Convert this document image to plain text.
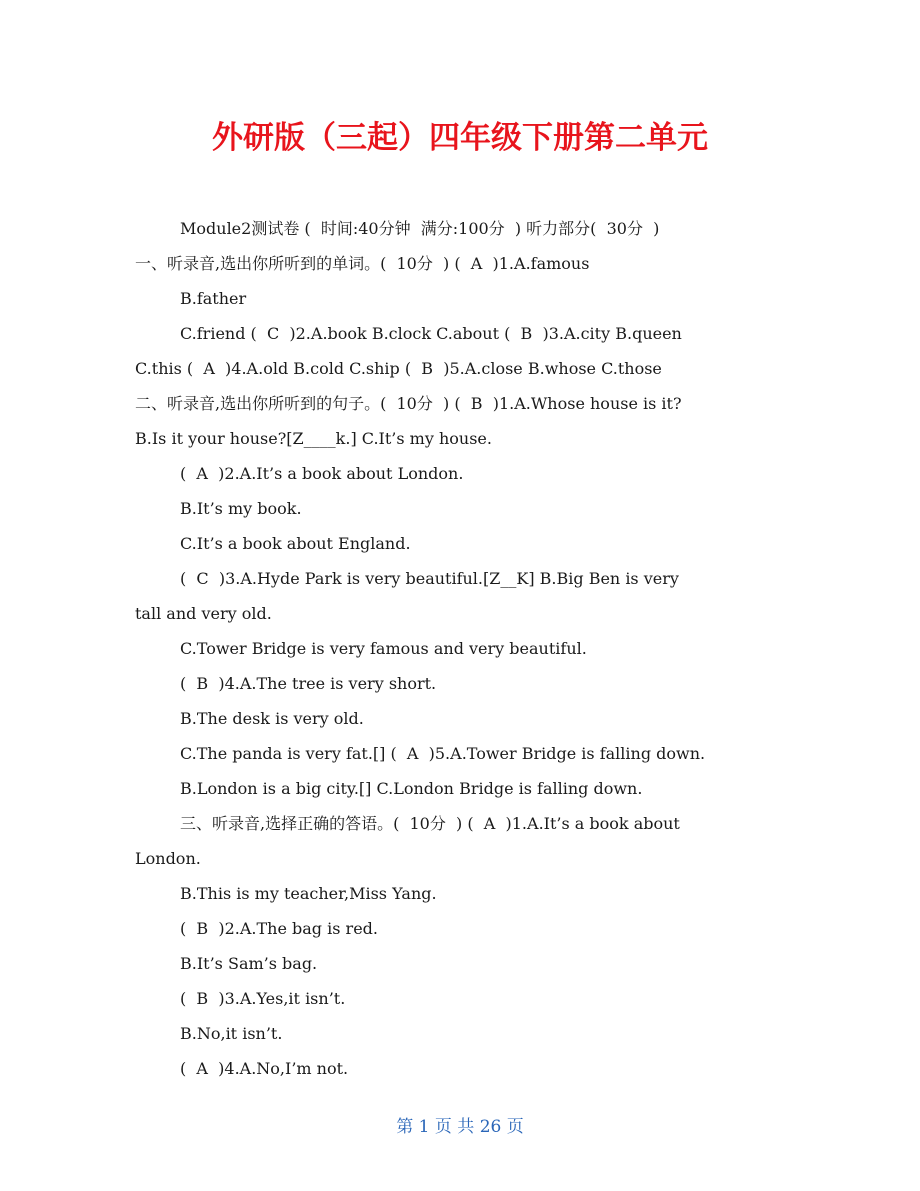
外研版（三起）四年级下册第二单元
Module2测试卷 (  时间:40分钟  满分:100分  ) 听力部分(  30分  )
一、听录音,选出你所听到的单词。(  10分  ) (  A  )1.A.famous
B.father
C.friend (  C  )2.A.book B.clock C.about (  B  )3.A.city B.queen
C.this (  A  )4.A.old B.cold C.ship (  B  )5.A.close B.whose C.those
二、听录音,选出你所听到的句子。(  10分  ) (  B  )1.A.Whose house is it?
B.Is it your house?[Z____k.] C.It’s my house.
(  A  )2.A.It’s a book about London.
B.It’s my book.
C.It’s a book about England.
(  C  )3.A.Hyde Park is very beautiful.[Z__K] B.Big Ben is very
tall and very old.
C.Tower Bridge is very famous and very beautiful.
(  B  )4.A.The tree is very short.
B.The desk is very old.
C.The panda is very fat.[] (  A  )5.A.Tower Bridge is falling down.
B.London is a big city.[] C.London Bridge is falling down.
三、听录音,选择正确的答语。(  10分  ) (  A  )1.A.It’s a book about
London.
B.This is my teacher,Miss Yang.
(  B  )2.A.The bag is red.
B.It’s Sam’s bag.
(  B  )3.A.Yes,it isn’t.
B.No,it isn’t.
(  A  )4.A.No,I’m not.
第 1 页 共 26 页
